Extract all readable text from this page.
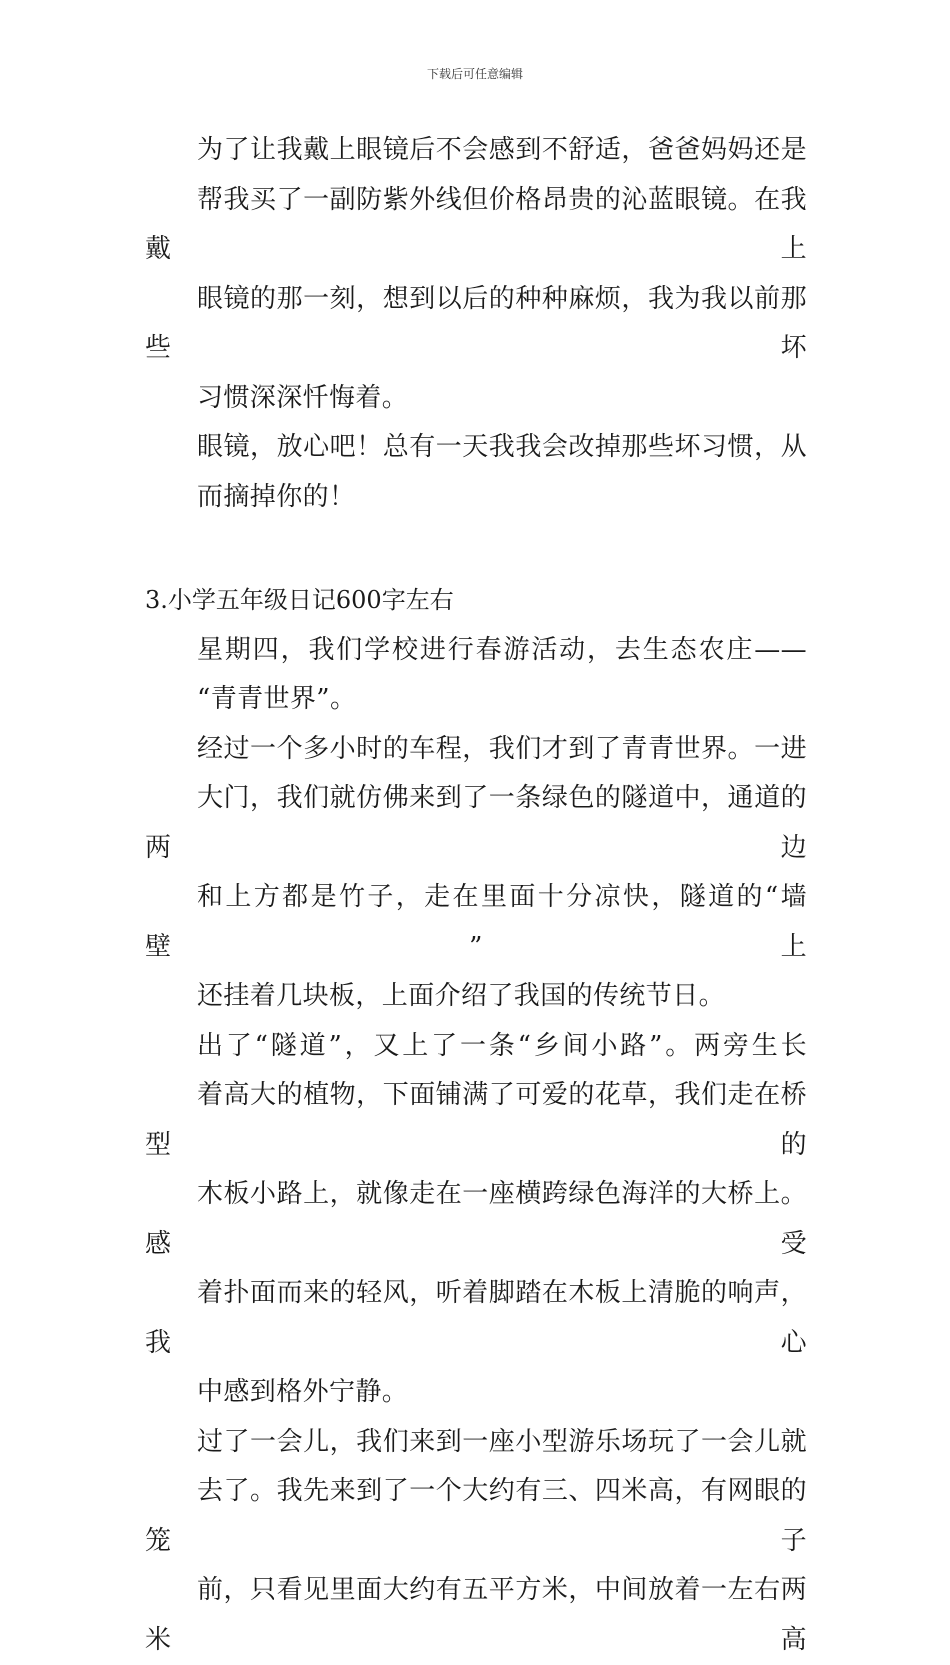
下载后可任意编辑

为了让我戴上眼镜后不会感到不舒适，爸爸妈妈还是
帮我买了一副防紫外线但价格昂贵的沁蓝眼镜。在我戴上
眼镜的那一刻，想到以后的种种麻烦，我为我以前那些坏
习惯深深忏悔着。

眼镜，放心吧！总有一天我我会改掉那些坏习惯，从
而摘掉你的！

3.小学五年级日记600字左右

星期四，我们学校进行春游活动，去生态农庄——
“青青世界”。

经过一个多小时的车程，我们才到了青青世界。一进
大门，我们就仿佛来到了一条绿色的隧道中，通道的两边
和上方都是竹子，走在里面十分凉快，隧道的“墙壁”上
还挂着几块板，上面介绍了我国的传统节日。

出了“隧道”，又上了一条“乡间小路”。两旁生长
着高大的植物，下面铺满了可爱的花草，我们走在桥型的
木板小路上，就像走在一座横跨绿色海洋的大桥上。感受
着扑面而来的轻风，听着脚踏在木板上清脆的响声，我心
中感到格外宁静。

过了一会儿，我们来到一座小型游乐场玩了一会儿就
去了。我先来到了一个大约有三、四米高，有网眼的笼子
前，只看见里面大约有五平方米，中间放着一左右两米高
